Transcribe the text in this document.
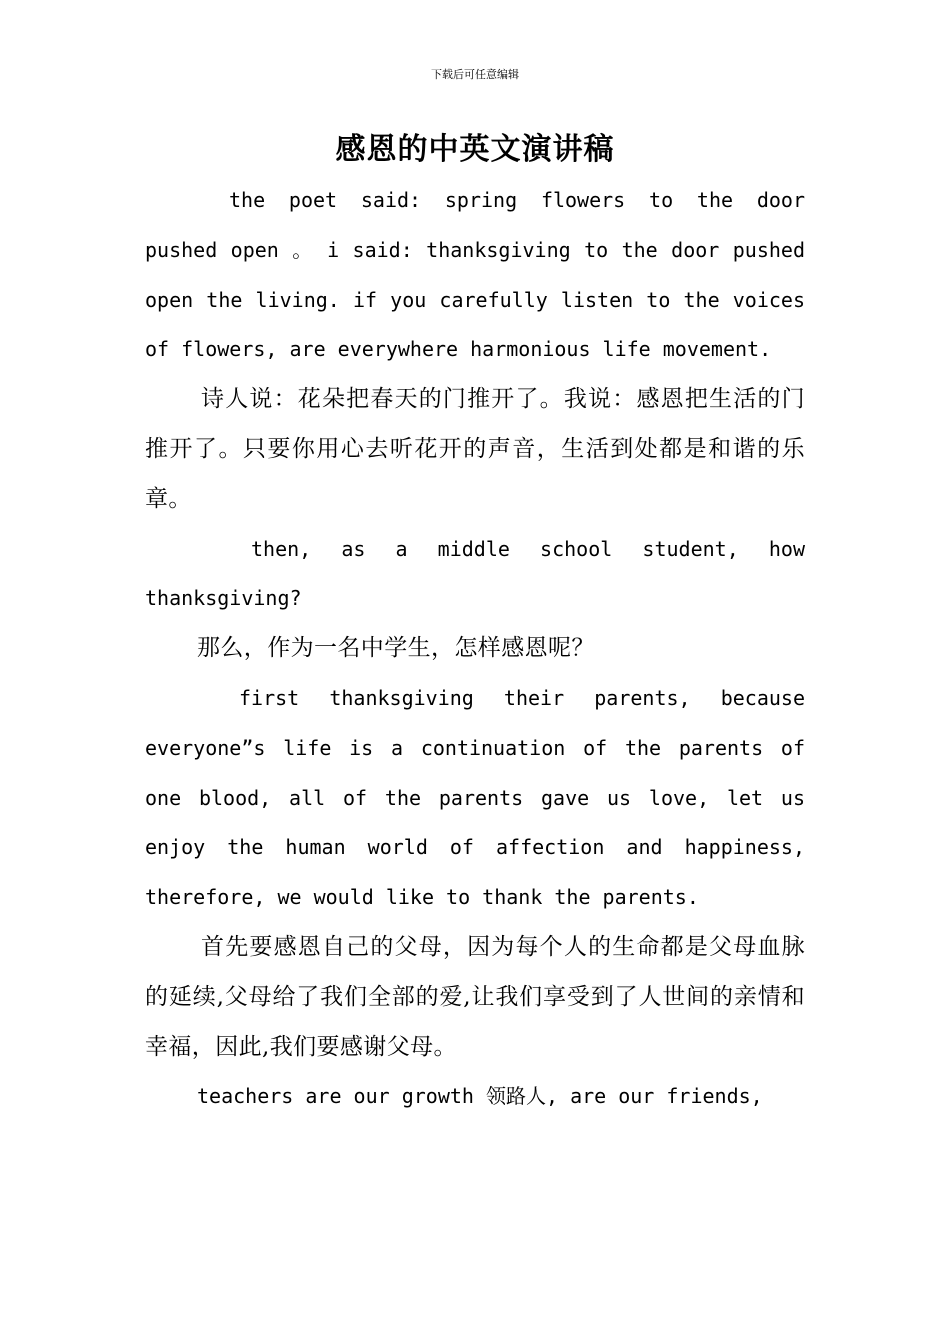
下载后可任意编辑
感恩的中英文演讲稿

the poet said: spring flowers to the door pushed open 。 i said: thanksgiving to the door pushed open the living. if you carefully listen to the voices of flowers, are everywhere harmonious life movement.

诗人说：花朵把春天的门推开了。我说：感恩把生活的门推开了。只要你用心去听花开的声音，生活到处都是和谐的乐章。

then, as a middle school student, how thanksgiving?

那么，作为一名中学生，怎样感恩呢？

first thanksgiving their parents, because everyone”s life is a continuation of the parents of one blood, all of the parents gave us love, let us enjoy the human world of affection and happiness, therefore, we would like to thank the parents.

首先要感恩自己的父母，因为每个人的生命都是父母血脉的延续,父母给了我们全部的爱,让我们享受到了人世间的亲情和幸福，因此,我们要感谢父母。

teachers are our growth 领路人, are our friends,
